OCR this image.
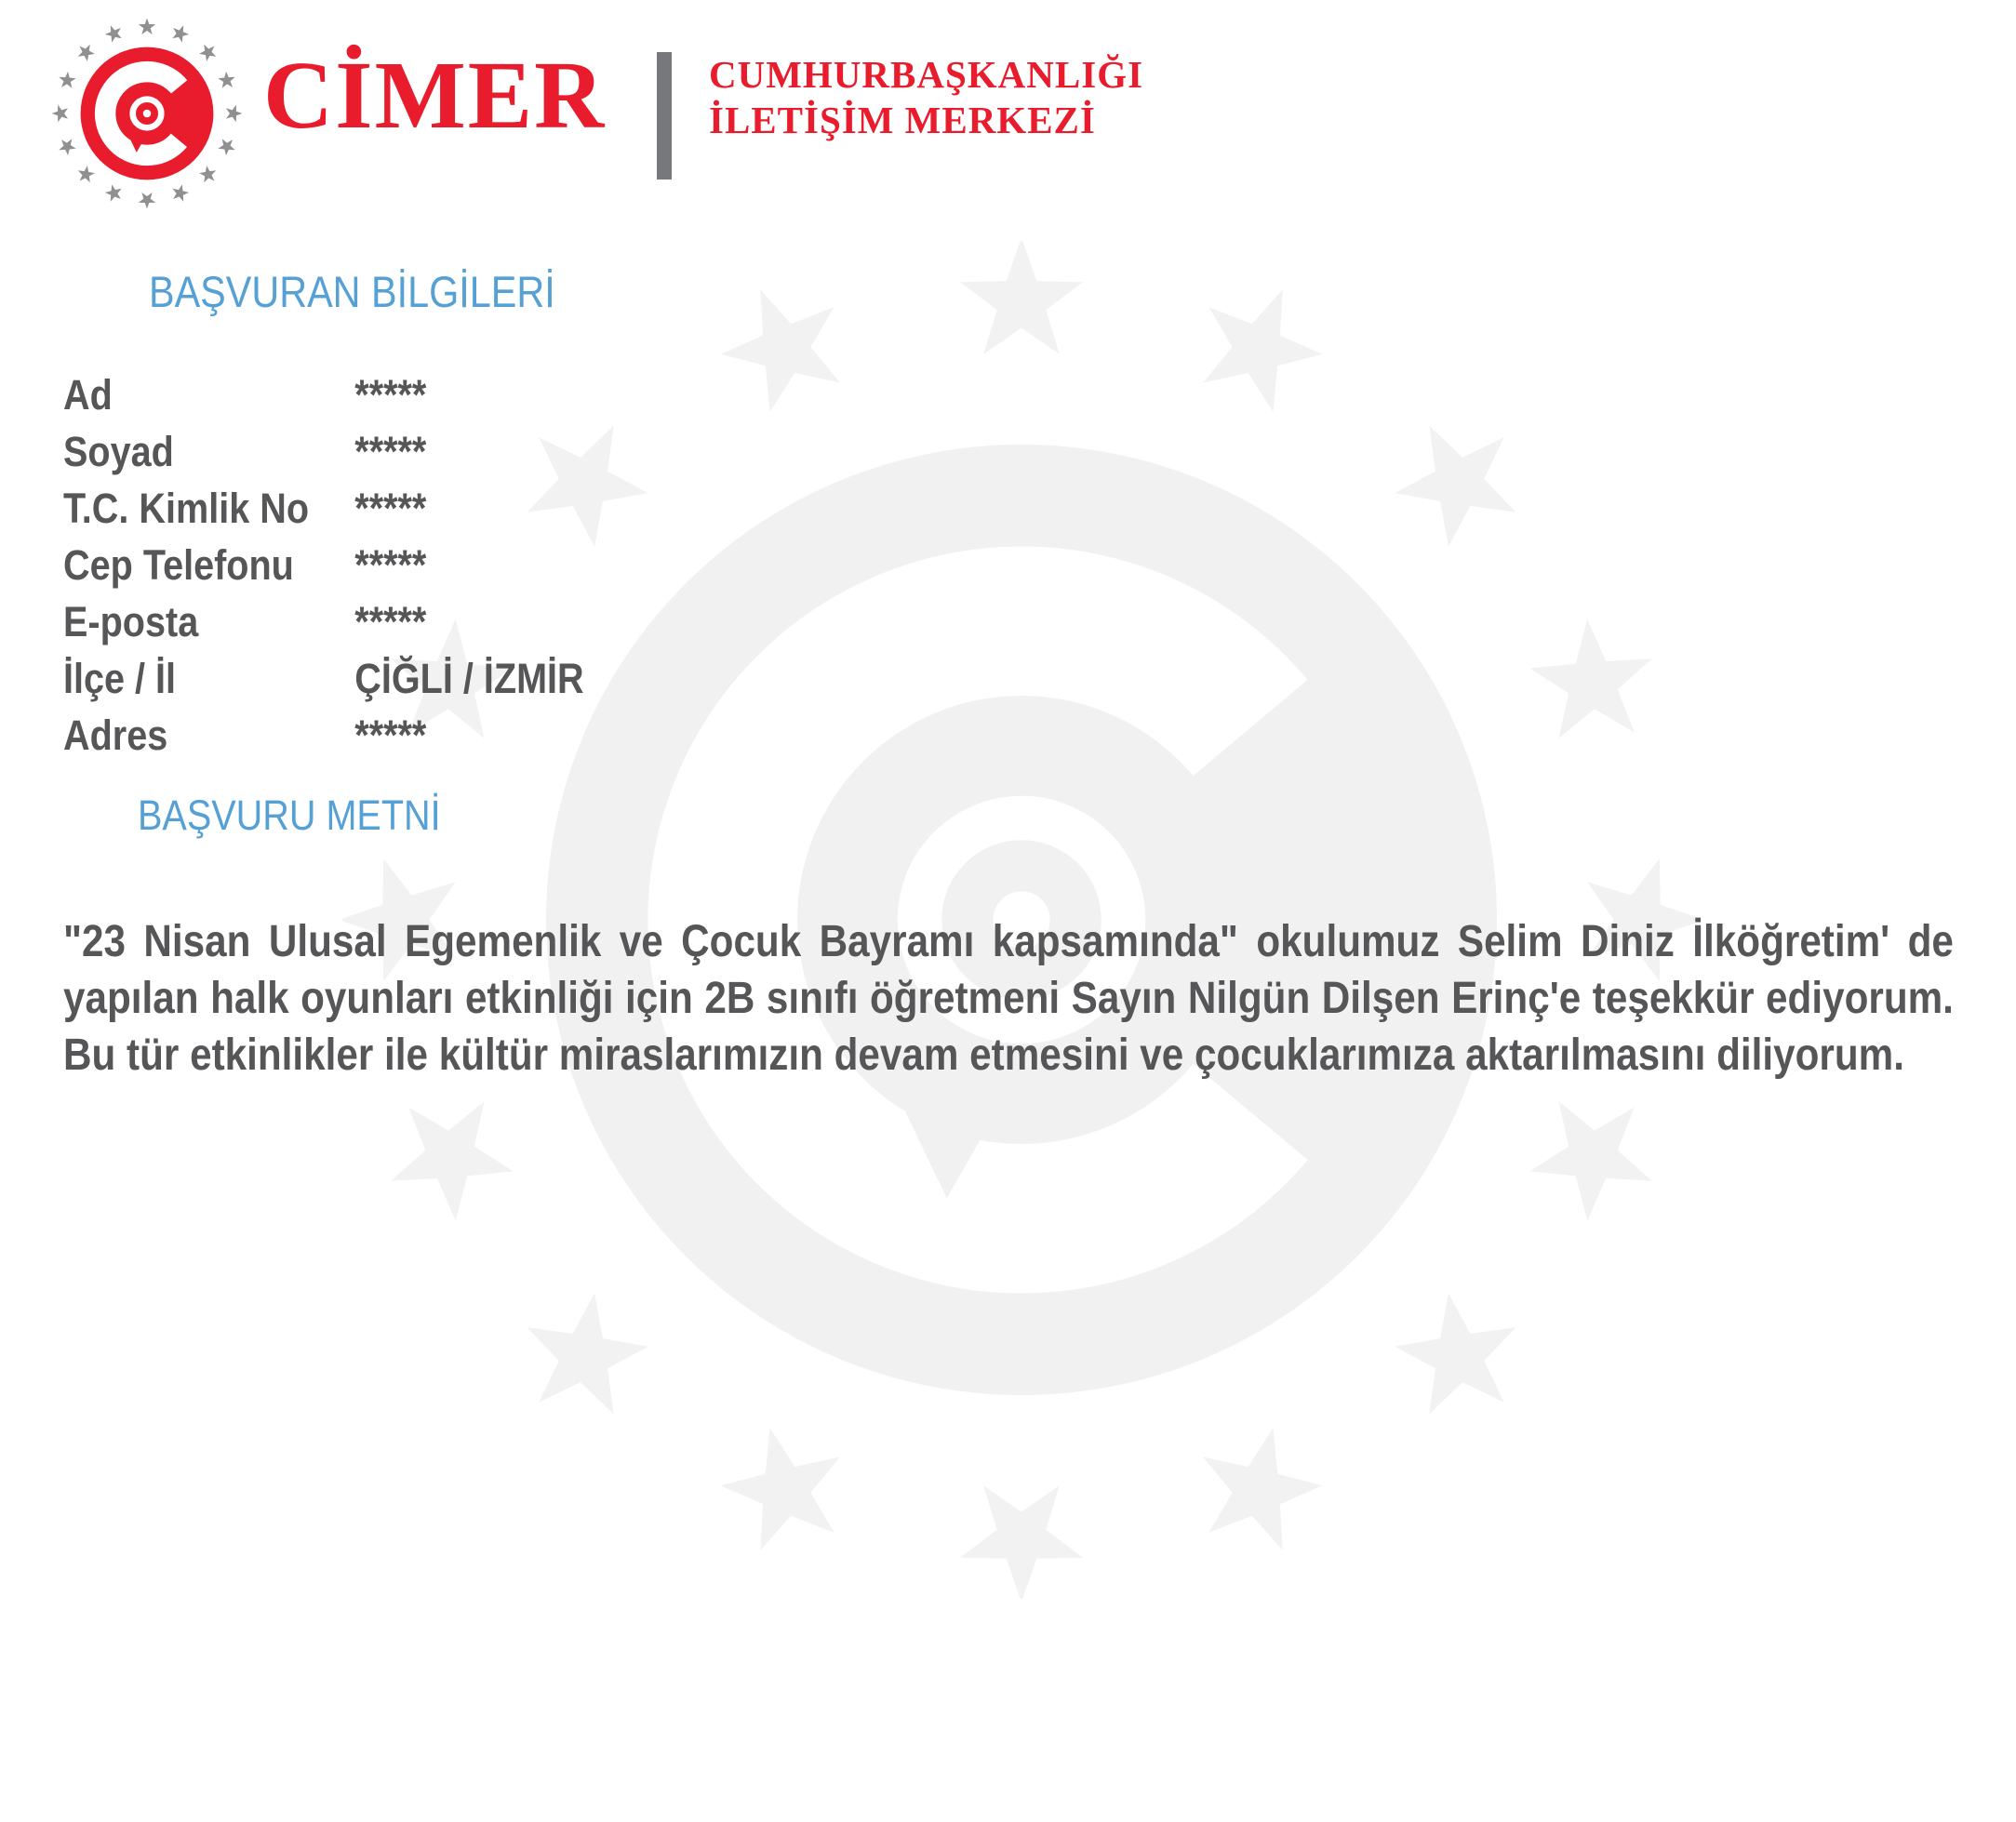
CİMER	CUMHURBAŞKANLIĞI
İLETİŞİM MERKEZİ
BAŞVURAN BİLGİLERİ
Ad	*****
Soyad	*****
T.C. Kimlik No *****
Cep Telefonu *****
E-posta	*****
İlçe / İl	ÇİĞLİ / İZMİR
Adres	*****
BAŞVURU METNİ

"23 Nisan Ulusal Egemenlik ve Çocuk Bayramı kapsamında" okulumuz Selim Diniz İlköğretim' de yapılan halk oyunları etkinliği için 2B sınıfı öğretmeni Sayın Nilgün Dilşen Erinç'e teşekkür ediyorum. Bu tür etkinlikler ile kültür miraslarımızın devam etmesini ve çocuklarımıza aktarılmasını diliyorum.
